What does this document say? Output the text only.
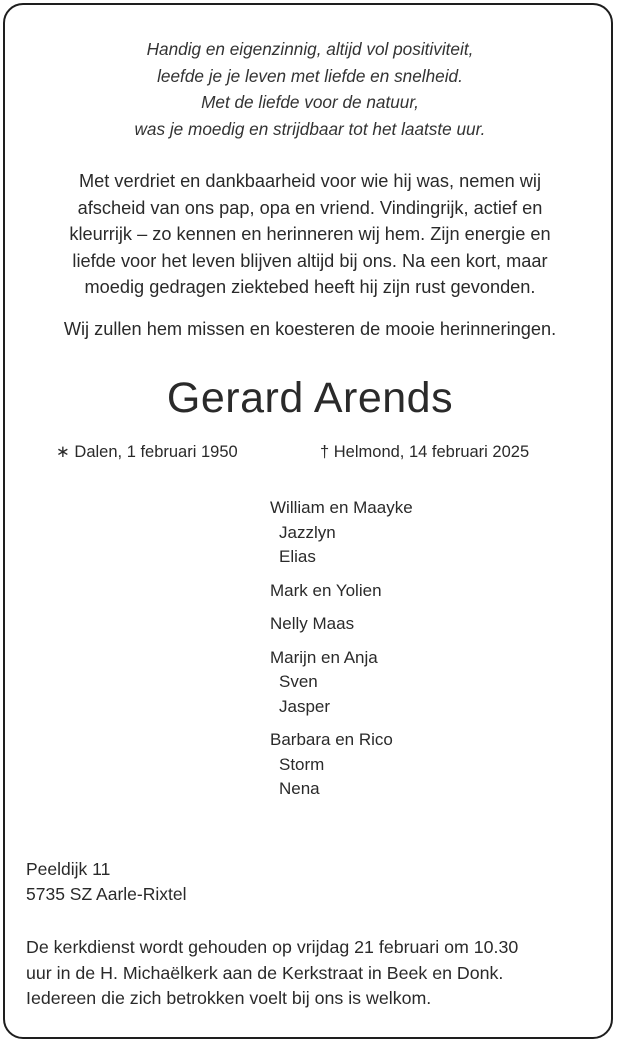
Handig en eigenzinnig, altijd vol positiviteit,
leefde je je leven met liefde en snelheid.
Met de liefde voor de natuur,
was je moedig en strijdbaar tot het laatste uur.
Met verdriet en dankbaarheid voor wie hij was, nemen wij
afscheid van ons pap, opa en vriend. Vindingrijk, actief en
kleurrijk – zo kennen en herinneren wij hem. Zijn energie en
liefde voor het leven blijven altijd bij ons. Na een kort, maar
moedig gedragen ziektebed heeft hij zijn rust gevonden.
Wij zullen hem missen en koesteren de mooie herinneringen.
Gerard Arends
∗ Dalen, 1 februari 1950	† Helmond, 14 februari 2025
William en Maayke
Jazzlyn
Elias
Mark en Yolien
Nelly Maas
Marijn en Anja
Sven
Jasper
Barbara en Rico
Storm
Nena
Peeldijk 11
5735 SZ Aarle-Rixtel
De kerkdienst wordt gehouden op vrijdag 21 februari om 10.30
uur in de H. Michaëlkerk aan de Kerkstraat in Beek en Donk.
Iedereen die zich betrokken voelt bij ons is welkom.
